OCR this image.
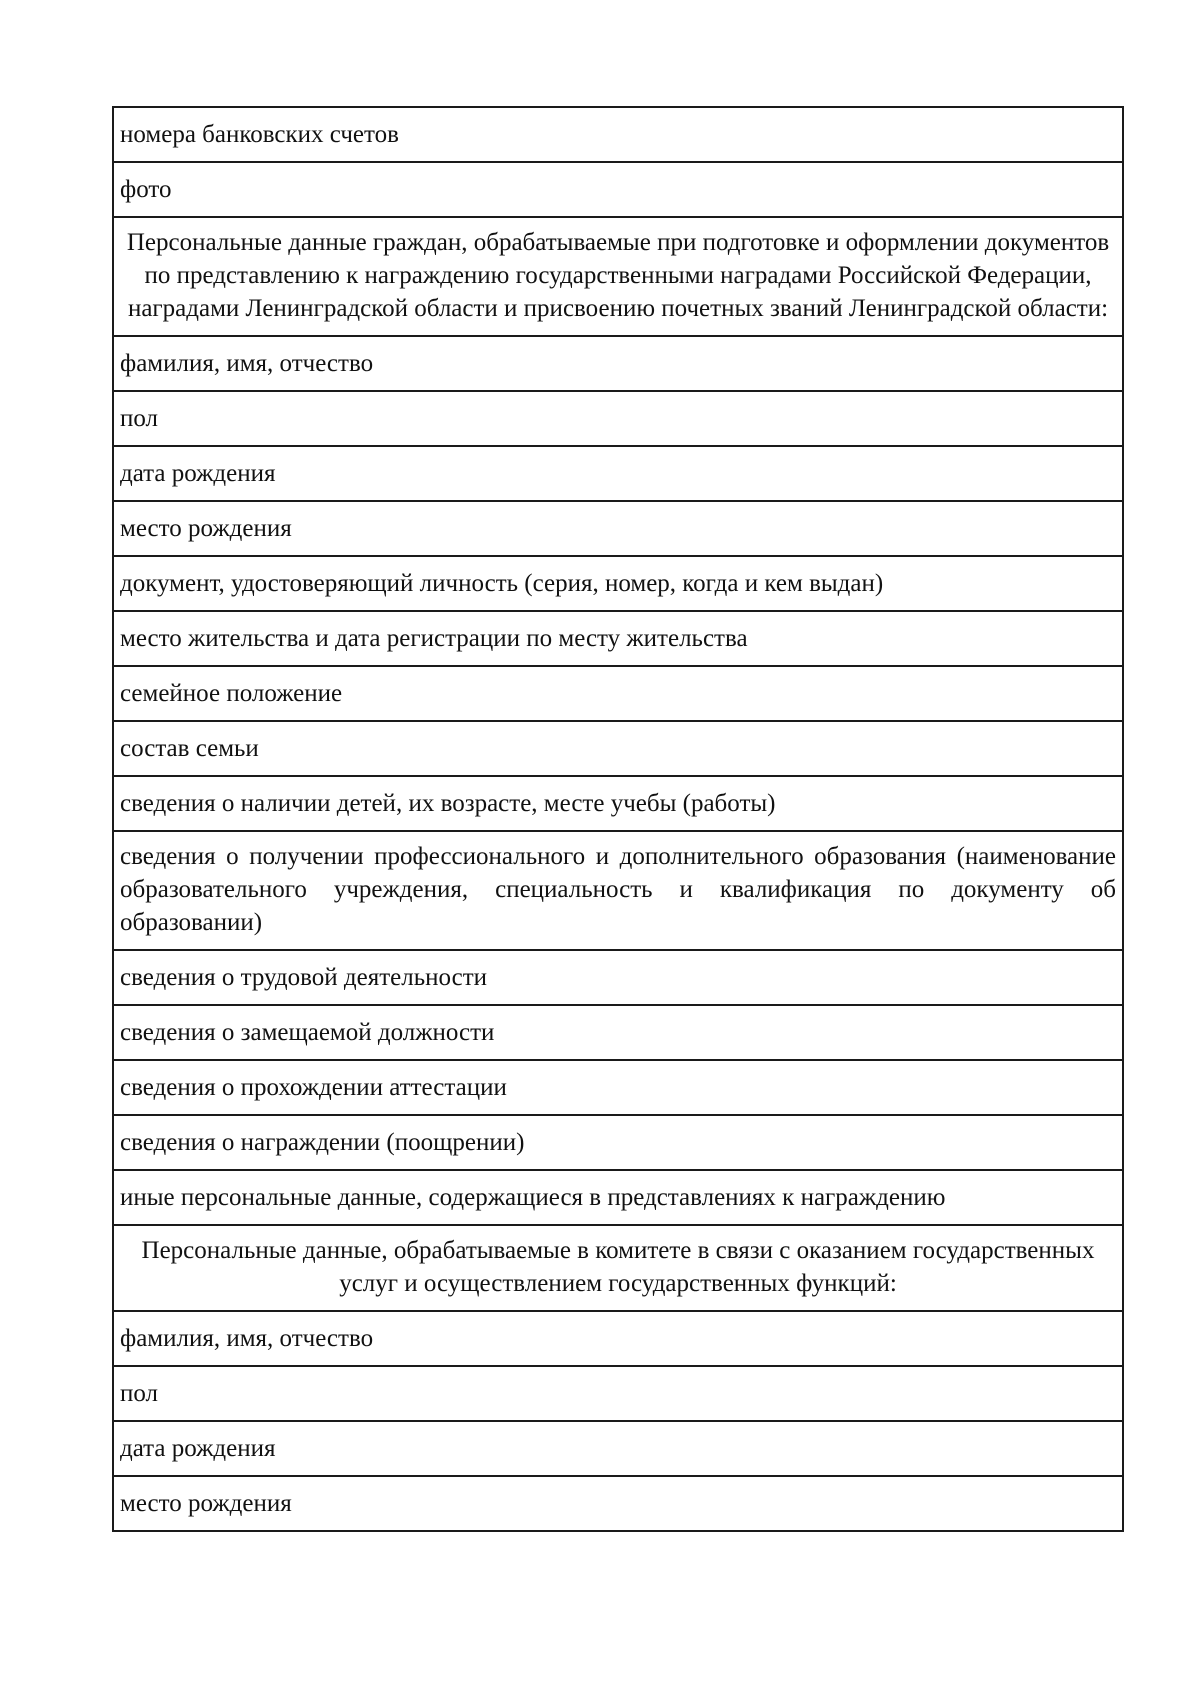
номера банковских счетов
фото
Персональные данные граждан, обрабатываемые при подготовке и оформлении документов по представлению к награждению государственными наградами Российской Федерации, наградами Ленинградской области и присвоению почетных званий Ленинградской области:
фамилия, имя, отчество
пол
дата рождения
место рождения
документ, удостоверяющий личность (серия, номер, когда и кем выдан)
место жительства и дата регистрации по месту жительства
семейное положение
состав семьи
сведения о наличии детей, их возрасте, месте учебы (работы)
сведения о получении профессионального и дополнительного образования (наименование образовательного учреждения, специальность и квалификация по документу об образовании)
сведения о трудовой деятельности
сведения о замещаемой должности
сведения о прохождении аттестации
сведения о награждении (поощрении)
иные персональные данные, содержащиеся в представлениях к награждению
Персональные данные, обрабатываемые в комитете в связи с оказанием государственных услуг и осуществлением государственных функций:
фамилия, имя, отчество
пол
дата рождения
место рождения
